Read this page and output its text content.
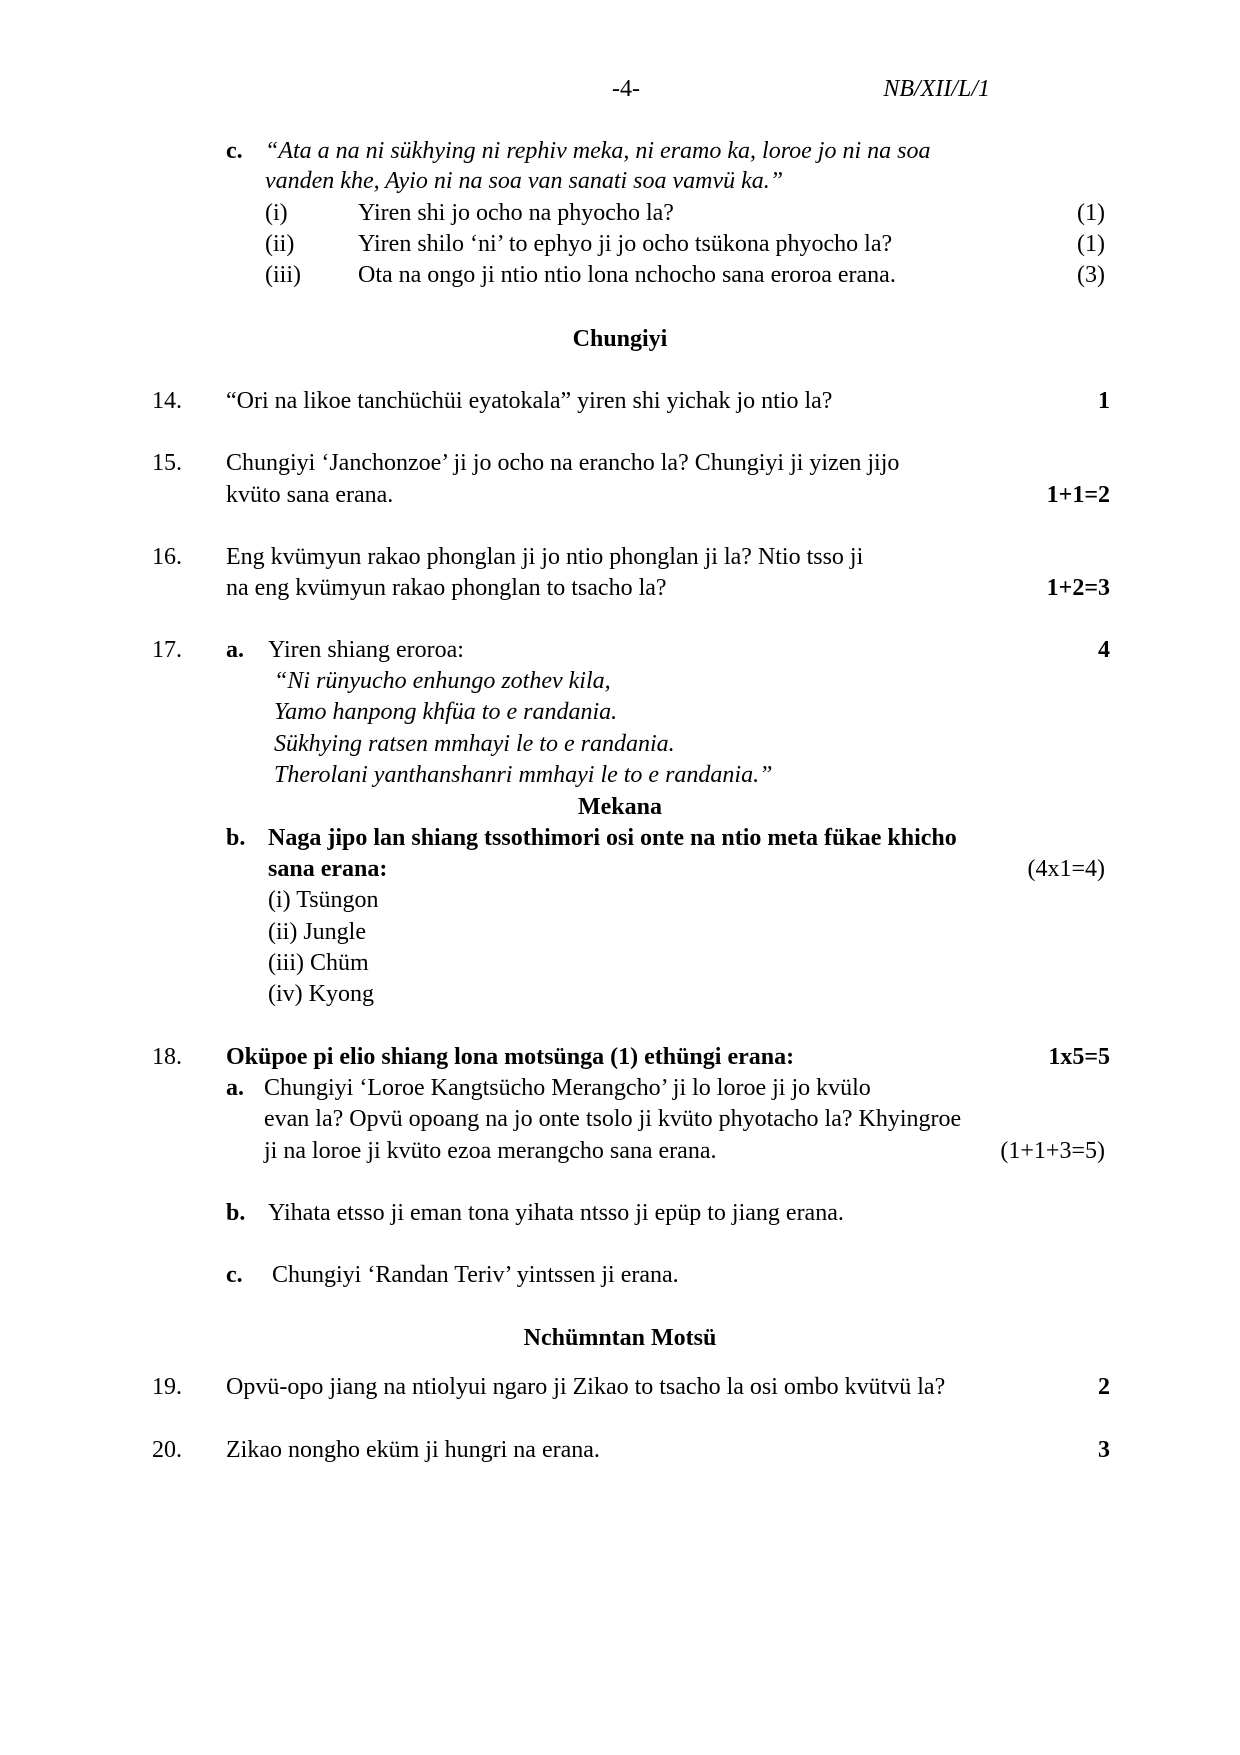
-4-	NB/XII/L/1
c. “Ata a na ni sükhying ni rephiv meka, ni eramo ka, loroe jo ni na soa
vanden khe, Ayio ni na soa van sanati soa vamvü ka.”
(i)	Yiren shi jo ocho na phyocho la?	(1)
(ii)	Yiren shilo ‘ni’ to ephyo ji jo ocho tsükona phyocho la?	(1)
(iii) Ota na ongo ji ntio ntio lona nchocho sana eroroa erana.	(3)
Chungiyi
14. “Ori na likoe tanchüchüi eyatokala” yiren shi yichak jo ntio la?	1
15. Chungiyi ‘Janchonzoe’ ji jo ocho na erancho la? Chungiyi ji yizen jijo
kvüto sana erana.	1+1=2
16. Eng kvümyun rakao phonglan ji jo ntio phonglan ji la? Ntio tsso ji
na eng kvümyun rakao phonglan to tsacho la?	1+2=3
17. a. Yiren shiang eroroa:	4
“Ni rünyucho enhungo zothev kila,
Yamo hanpong khfüa to e randania.
Sükhying ratsen mmhayi le to e randania.
Therolani yanthanshanri mmhayi le to e randania.”
Mekana
b. Naga jipo lan shiang tssothimori osi onte na ntio meta fükae khicho
sana erana:	(4x1=4)
(i) Tsüngon
(ii) Jungle
(iii) Chüm
(iv) Kyong
18. Oküpoe pi elio shiang lona motsünga (1) ethüngi erana:	1x5=5
a. Chungiyi ‘Loroe Kangtsücho Merangcho’ ji lo loroe ji jo kvülo
evan la? Opvü opoang na jo onte tsolo ji kvüto phyotacho la? Khyingroe
ji na loroe ji kvüto ezoa merangcho sana erana.	(1+1+3=5)
b. Yihata etsso ji eman tona yihata ntsso ji epüp to jiang erana.
c. Chungiyi ‘Randan Teriv’ yintssen ji erana.
Nchümntan Motsü
19. Opvü-opo jiang na ntiolyui ngaro ji Zikao to tsacho la osi ombo kvütvü la?	2
20. Zikao nongho eküm ji hungri na erana.	3
